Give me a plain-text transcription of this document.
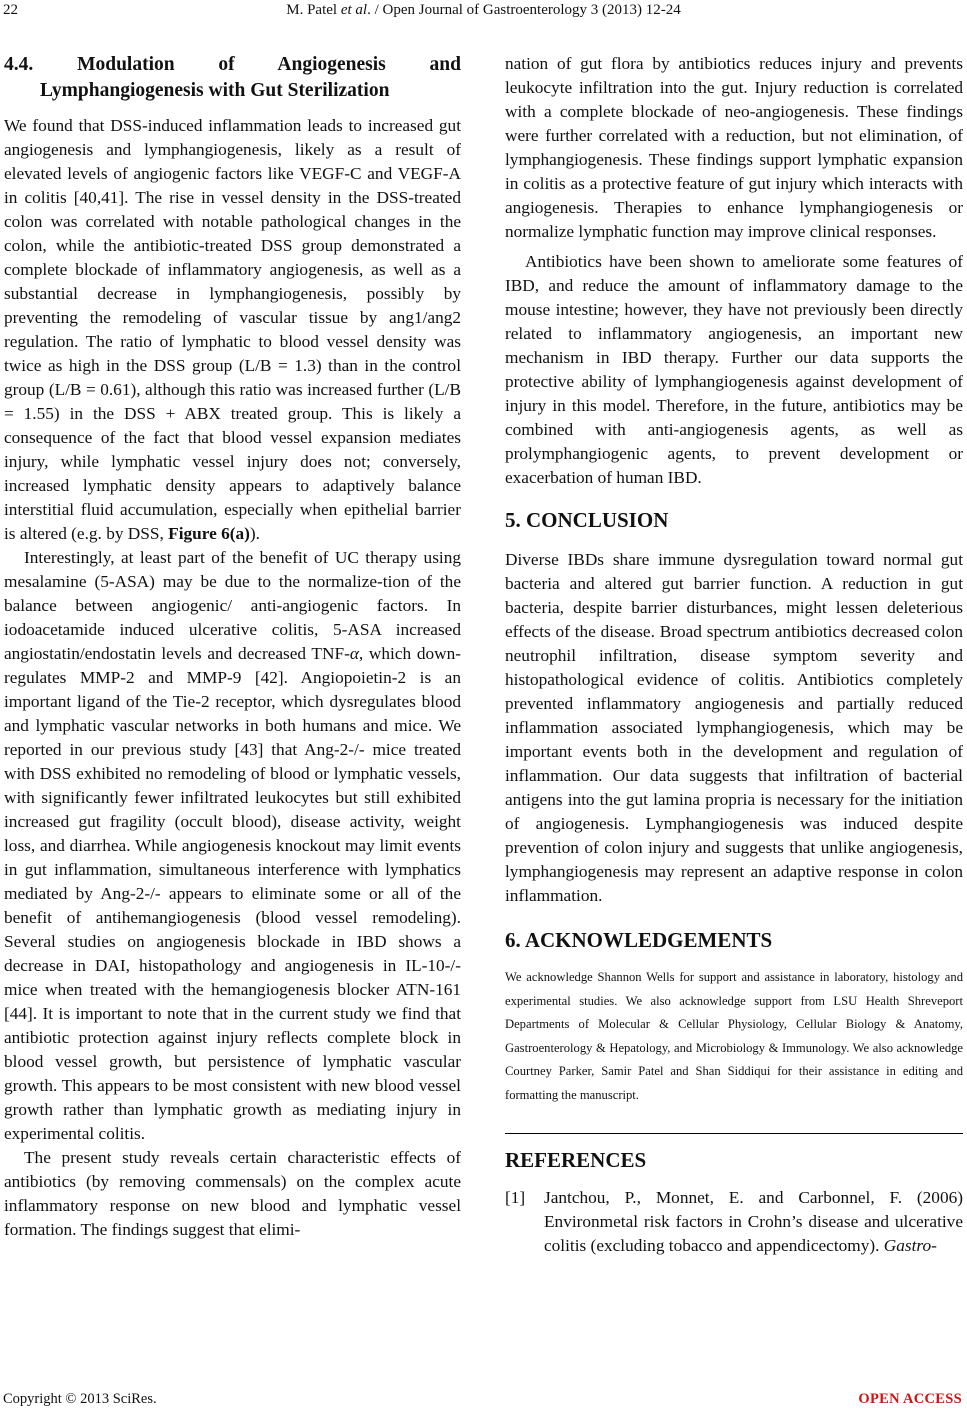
22	M. Patel et al. / Open Journal of Gastroenterology 3 (2013) 12-24

4.4. Modulation of Angiogenesis and Lymphangiogenesis with Gut Sterilization

We found that DSS-induced inflammation leads to increased gut angiogenesis and lymphangiogenesis, likely as a result of elevated levels of angiogenic factors like VEGF-C and VEGF-A in colitis [40,41]. The rise in vessel density in the DSS-treated colon was correlated with notable pathological changes in the colon, while the antibiotic-treated DSS group demonstrated a complete blockade of inflammatory angiogenesis, as well as a substantial decrease in lymphangiogenesis, possibly by preventing the remodeling of vascular tissue by ang1/ang2 regulation. The ratio of lymphatic to blood vessel density was twice as high in the DSS group (L/B = 1.3) than in the control group (L/B = 0.61), although this ratio was increased further (L/B = 1.55) in the DSS + ABX treated group. This is likely a consequence of the fact that blood vessel expansion mediates injury, while lymphatic vessel injury does not; conversely, increased lymphatic density appears to adaptively balance interstitial fluid accumulation, especially when epithelial barrier is altered (e.g. by DSS, Figure 6(a)).

Interestingly, at least part of the benefit of UC therapy using mesalamine (5-ASA) may be due to the normalize-tion of the balance between angiogenic/ anti-angiogenic factors. In iodoacetamide induced ulcerative colitis, 5-ASA increased angiostatin/endostatin levels and decreased TNF-α, which down-regulates MMP-2 and MMP-9 [42]. Angiopoietin-2 is an important ligand of the Tie-2 receptor, which dysregulates blood and lymphatic vascular networks in both humans and mice. We reported in our previous study [43] that Ang-2-/- mice treated with DSS exhibited no remodeling of blood or lymphatic vessels, with significantly fewer infiltrated leukocytes but still exhibited increased gut fragility (occult blood), disease activity, weight loss, and diarrhea. While angiogenesis knockout may limit events in gut inflammation, simultaneous interference with lymphatics mediated by Ang-2-/- appears to eliminate some or all of the benefit of antihemangiogenesis (blood vessel remodeling). Several studies on angiogenesis blockade in IBD shows a decrease in DAI, histopathology and angiogenesis in IL-10-/- mice when treated with the hemangiogenesis blocker ATN-161 [44]. It is important to note that in the current study we find that antibiotic protection against injury reflects complete block in blood vessel growth, but persistence of lymphatic vascular growth. This appears to be most consistent with new blood vessel growth rather than lymphatic growth as mediating injury in experimental colitis.

The present study reveals certain characteristic effects of antibiotics (by removing commensals) on the complex acute inflammatory response on new blood and lymphatic vessel formation. The findings suggest that elimi-

nation of gut flora by antibiotics reduces injury and prevents leukocyte infiltration into the gut. Injury reduction is correlated with a complete blockade of neo-angiogenesis. These findings were further correlated with a reduction, but not elimination, of lymphangiogenesis. These findings support lymphatic expansion in colitis as a protective feature of gut injury which interacts with angiogenesis. Therapies to enhance lymphangiogenesis or normalize lymphatic function may improve clinical responses.

Antibiotics have been shown to ameliorate some features of IBD, and reduce the amount of inflammatory damage to the mouse intestine; however, they have not previously been directly related to inflammatory angiogenesis, an important new mechanism in IBD therapy. Further our data supports the protective ability of lymphangiogenesis against development of injury in this model. Therefore, in the future, antibiotics may be combined with anti-angiogenesis agents, as well as prolymphangiogenic agents, to prevent development or exacerbation of human IBD.

5. CONCLUSION

Diverse IBDs share immune dysregulation toward normal gut bacteria and altered gut barrier function. A reduction in gut bacteria, despite barrier disturbances, might lessen deleterious effects of the disease. Broad spectrum antibiotics decreased colon neutrophil infiltration, disease symptom severity and histopathological evidence of colitis. Antibiotics completely prevented inflammatory angiogenesis and partially reduced inflammation associated lymphangiogenesis, which may be important events both in the development and regulation of inflammation. Our data suggests that infiltration of bacterial antigens into the gut lamina propria is necessary for the initiation of angiogenesis. Lymphangiogenesis was induced despite prevention of colon injury and suggests that unlike angiogenesis, lymphangiogenesis may represent an adaptive response in colon inflammation.

6. ACKNOWLEDGEMENTS

We acknowledge Shannon Wells for support and assistance in laboratory, histology and experimental studies. We also acknowledge support from LSU Health Shreveport Departments of Molecular & Cellular Physiology, Cellular Biology & Anatomy, Gastroenterology & Hepatology, and Microbiology & Immunology. We also acknowledge Courtney Parker, Samir Patel and Shan Siddiqui for their assistance in editing and formatting the manuscript.

REFERENCES

[1] Jantchou, P., Monnet, E. and Carbonnel, F. (2006) Environmetal risk factors in Crohn’s disease and ulcerative colitis (excluding tobacco and appendicectomy). Gastro-
Copyright © 2013 SciRes.	OPEN ACCESS
